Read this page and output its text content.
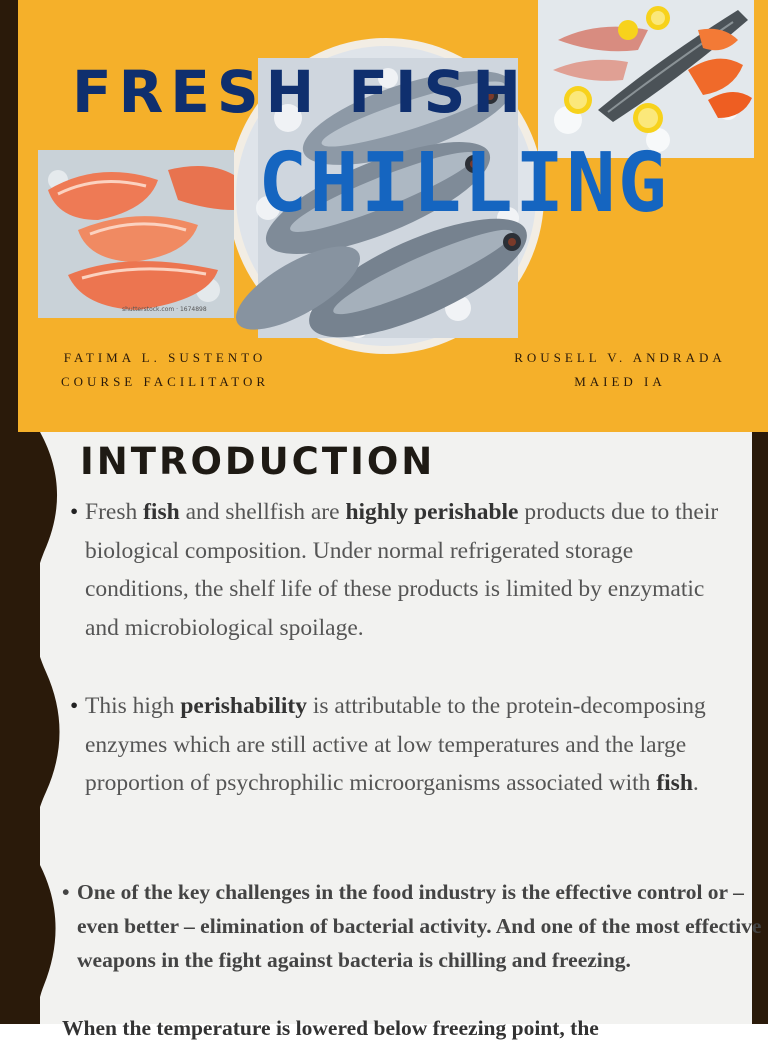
shutterstock.com · 1674898
FRESH FISH
CHILLING
FATIMA L. SUSTENTO
COURSE FACILITATOR
ROUSELL V. ANDRADA
MAIED IA
INTRODUCTION
• Fresh fish and shellfish are highly perishable products due to their biological composition. Under normal refrigerated storage conditions, the shelf life of these products is limited by enzymatic and microbiological spoilage.
• This high perishability is attributable to the protein-decomposing enzymes which are still active at low temperatures and the large proportion of psychrophilic microorganisms associated with fish.
• One of the key challenges in the food industry is the effective control or – even better – elimination of bacterial activity. And one of the most effective weapons in the fight against bacteria is chilling and freezing.
When the temperature is lowered below freezing point, the
